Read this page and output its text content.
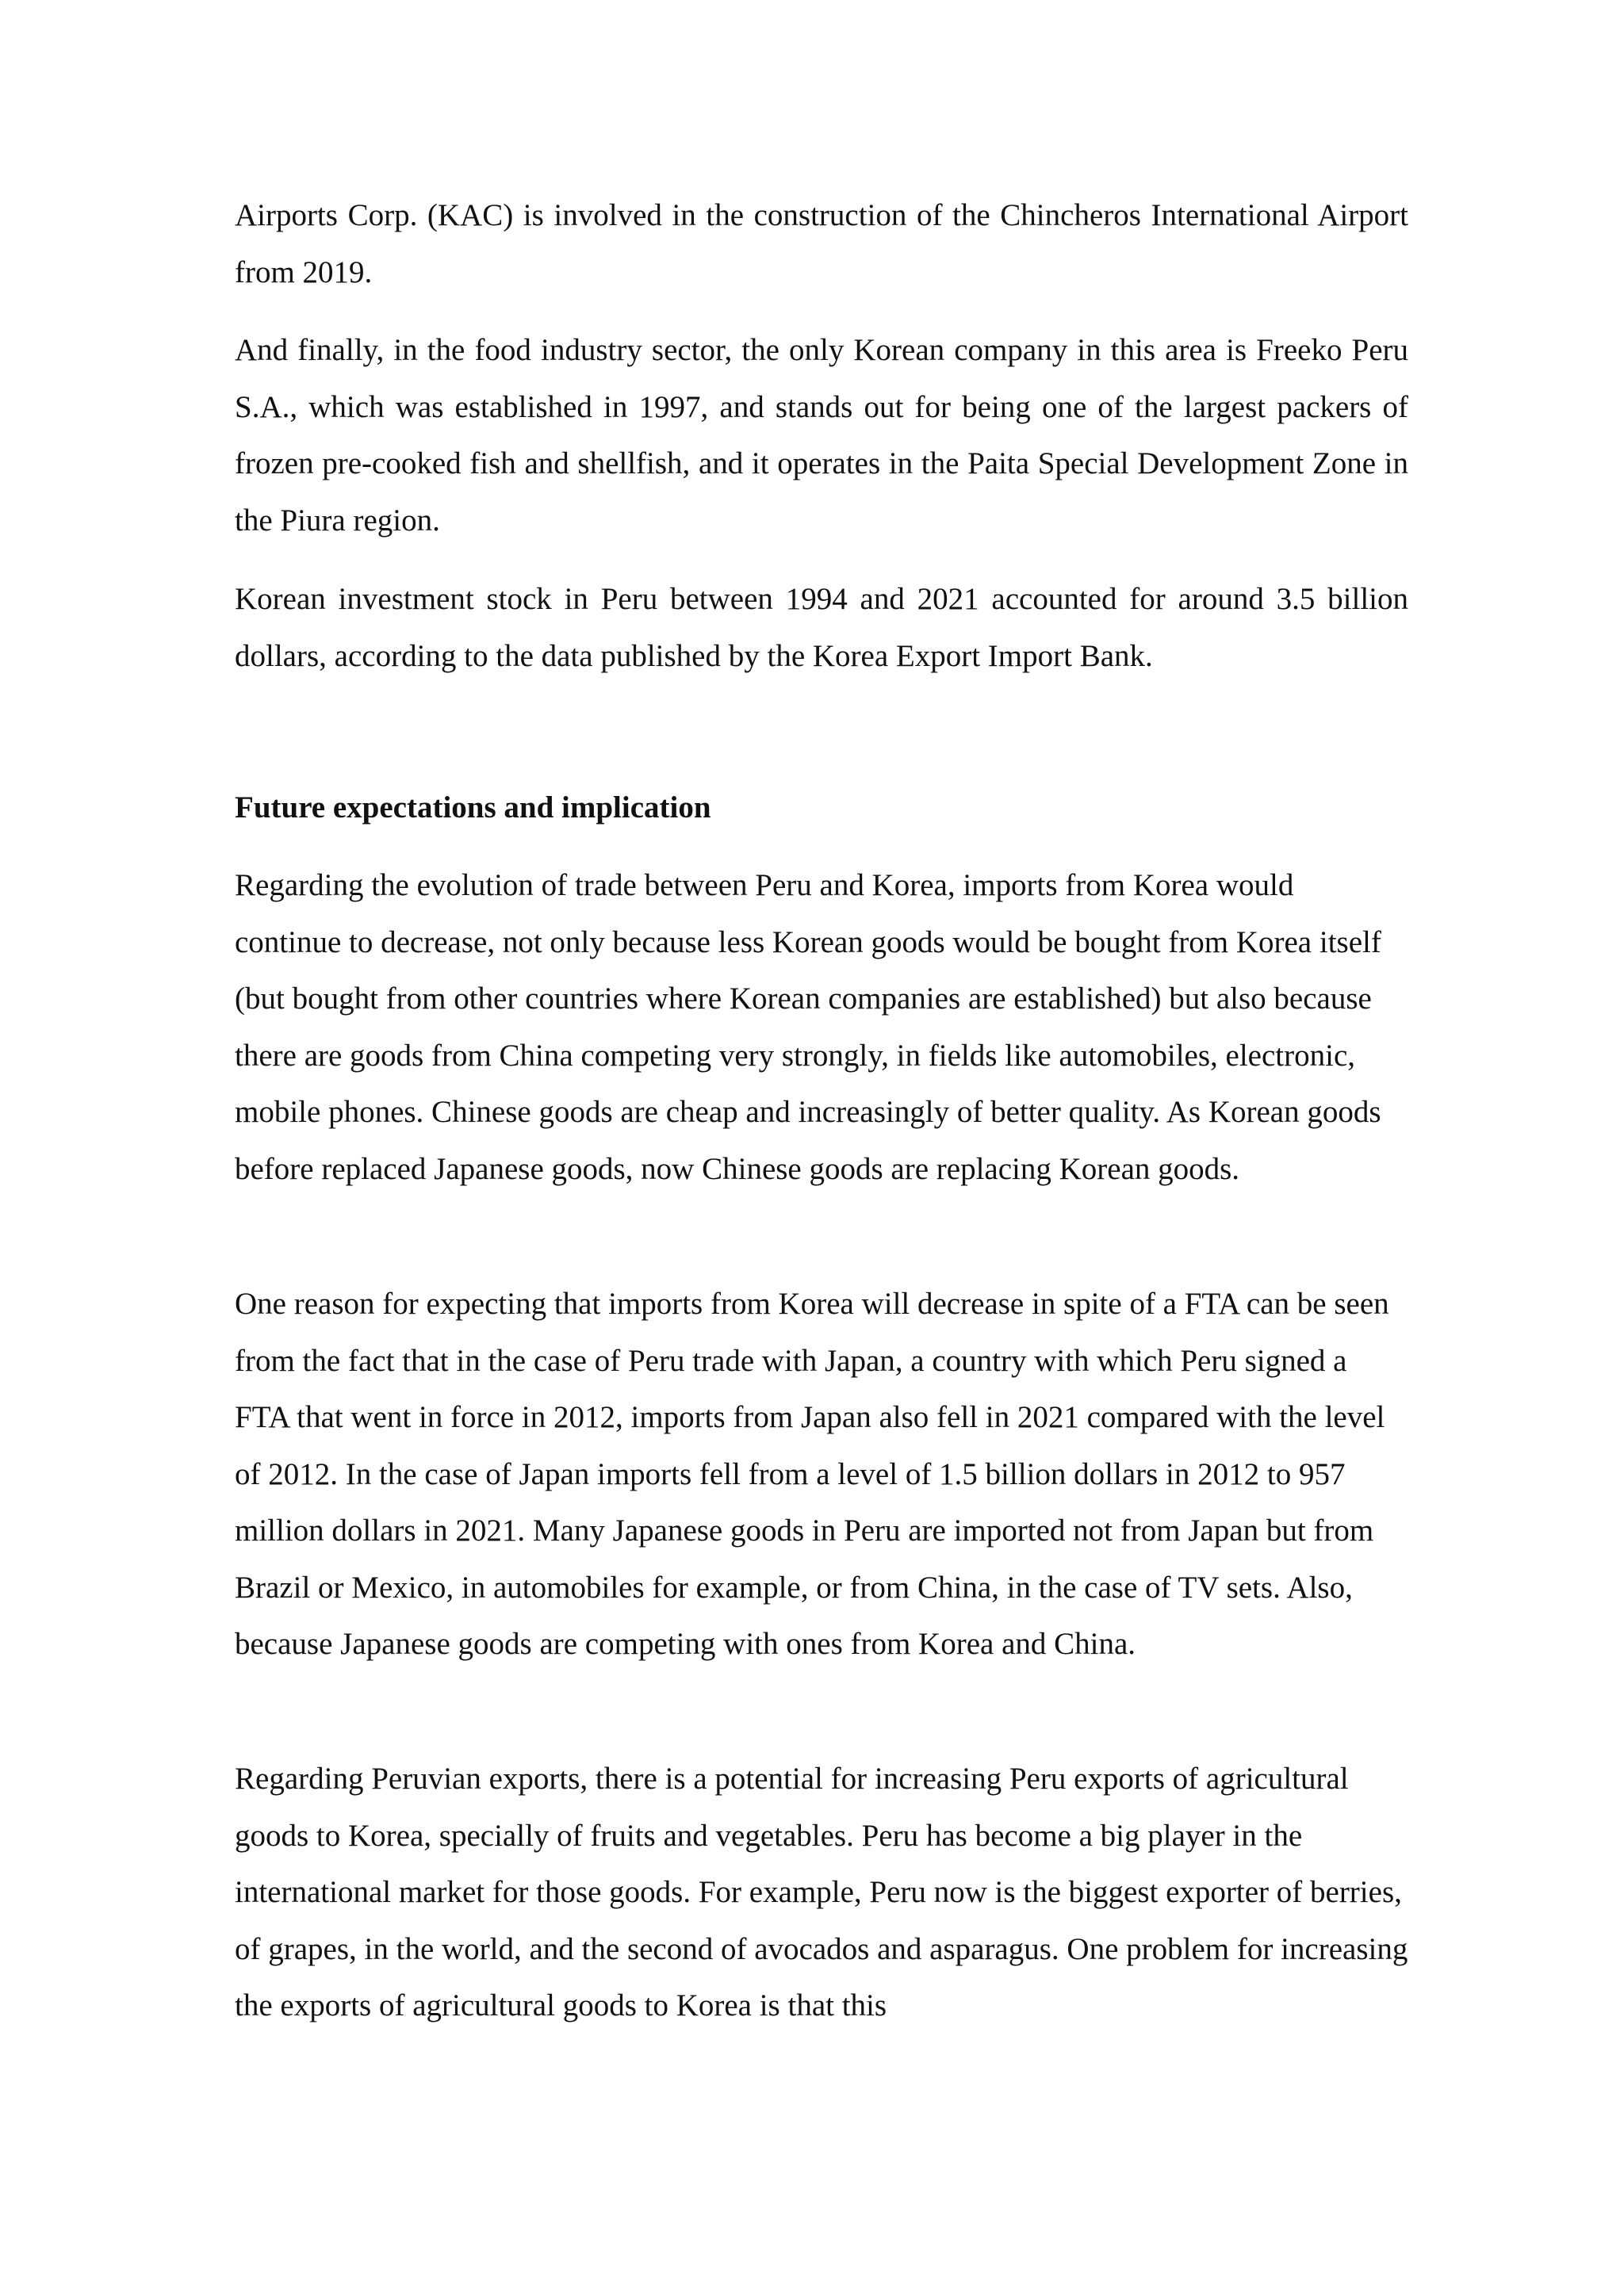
Airports Corp. (KAC) is involved in the construction of the Chincheros International Airport from 2019.

And finally, in the food industry sector, the only Korean company in this area is Freeko Peru S.A., which was established in 1997, and stands out for being one of the largest packers of frozen pre-cooked fish and shellfish, and it operates in the Paita Special Development Zone in the Piura region.

Korean investment stock in Peru between 1994 and 2021 accounted for around 3.5 billion dollars, according to the data published by the Korea Export Import Bank.

Future expectations and implication

Regarding the evolution of trade between Peru and Korea, imports from Korea would continue to decrease, not only because less Korean goods would be bought from Korea itself (but bought from other countries where Korean companies are established) but also because there are goods from China competing very strongly, in fields like automobiles, electronic, mobile phones. Chinese goods are cheap and increasingly of better quality. As Korean goods before replaced Japanese goods, now Chinese goods are replacing Korean goods.

One reason for expecting that imports from Korea will decrease in spite of a FTA can be seen from the fact that in the case of Peru trade with Japan, a country with which Peru signed a FTA that went in force in 2012, imports from Japan also fell in 2021 compared with the level of 2012. In the case of Japan imports fell from a level of 1.5 billion dollars in 2012 to 957 million dollars in 2021. Many Japanese goods in Peru are imported not from Japan but from Brazil or Mexico, in automobiles for example, or from China, in the case of TV sets. Also, because Japanese goods are competing with ones from Korea and China.

Regarding Peruvian exports, there is a potential for increasing Peru exports of agricultural goods to Korea, specially of fruits and vegetables. Peru has become a big player in the international market for those goods. For example, Peru now is the biggest exporter of berries, of grapes, in the world, and the second of avocados and asparagus. One problem for increasing the exports of agricultural goods to Korea is that this
